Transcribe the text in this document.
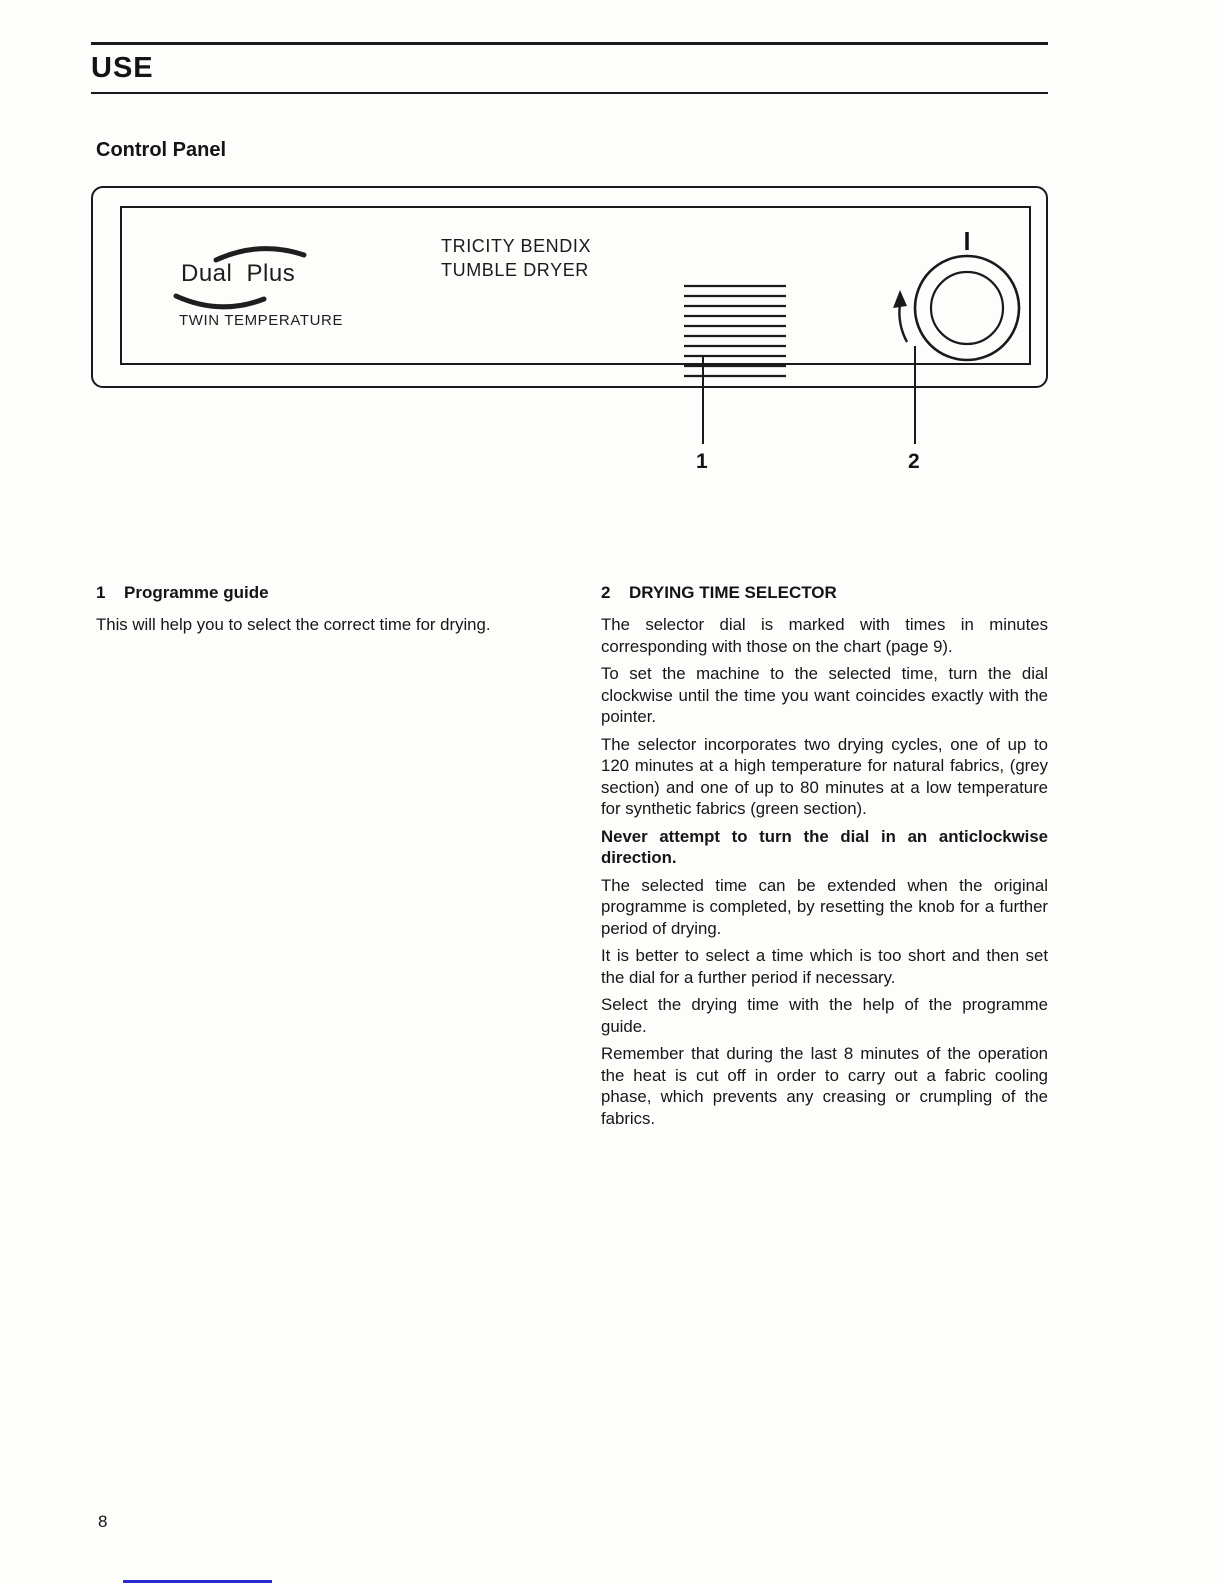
USE
Control Panel
Dual Plus
TWIN TEMPERATURE
TRICITY BENDIX
TUMBLE DRYER
1	2
1	Programme guide
This will help you to select the correct time for drying.
2	DRYING TIME SELECTOR

The selector dial is marked with times in minutes corresponding with those on the chart (page 9).

To set the machine to the selected time, turn the dial clockwise until the time you want coincides exactly with the pointer.

The selector incorporates two drying cycles, one of up to 120 minutes at a high temperature for natural fabrics, (grey section) and one of up to 80 minutes at a low temperature for synthetic fabrics (green section).

Never attempt to turn the dial in an anticlockwise direction.

The selected time can be extended when the original programme is completed, by resetting the knob for a further period of drying.

It is better to select a time which is too short and then set the dial for a further period if necessary.

Select the drying time with the help of the programme guide.

Remember that during the last 8 minutes of the operation the heat is cut off in order to carry out a fabric cooling phase, which prevents any creasing or crumpling of the fabrics.

8
